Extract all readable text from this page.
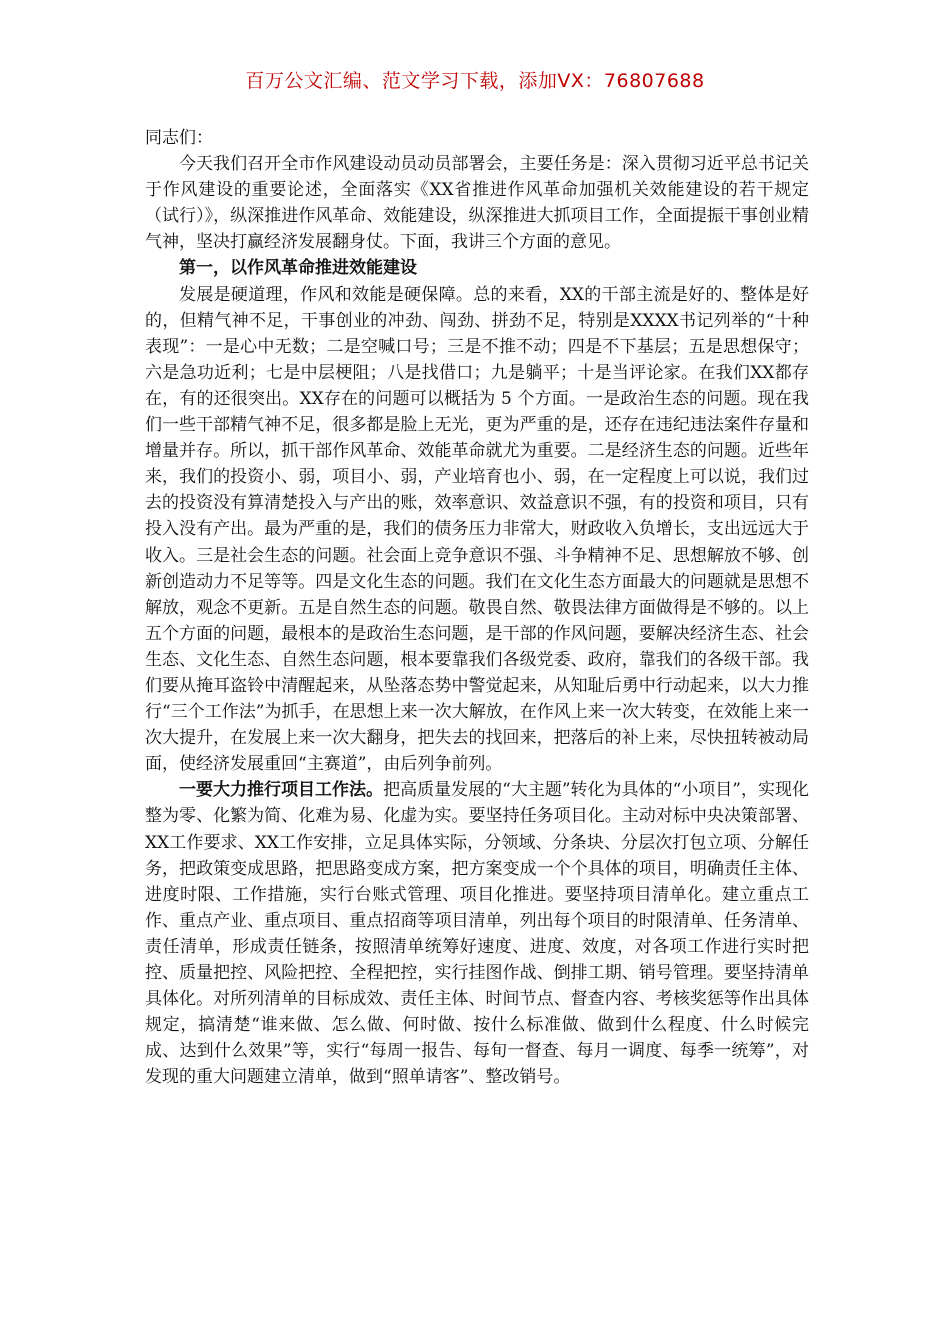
百万公文汇编、范文学习下载，添加VX：76807688

同志们：

今天我们召开全市作风建设动员动员部署会，主要任务是：深入贯彻习近平总书记关于作风建设的重要论述，全面落实《XX省推进作风革命加强机关效能建设的若干规定（试行）》，纵深推进作风革命、效能建设，纵深推进大抓项目工作，全面提振干事创业精气神，坚决打赢经济发展翻身仗。下面，我讲三个方面的意见。

第一，以作风革命推进效能建设

发展是硬道理，作风和效能是硬保障。总的来看，XX的干部主流是好的、整体是好的，但精气神不足，干事创业的冲劲、闯劲、拼劲不足，特别是XXXX书记列举的“十种表现”：一是心中无数；二是空喊口号；三是不推不动；四是不下基层；五是思想保守；六是急功近利；七是中层梗阻；八是找借口；九是躺平；十是当评论家。在我们XX都存在，有的还很突出。XX存在的问题可以概括为 5 个方面。一是政治生态的问题。现在我们一些干部精气神不足，很多都是脸上无光，更为严重的是，还存在违纪违法案件存量和增量并存。所以，抓干部作风革命、效能革命就尤为重要。二是经济生态的问题。近些年来，我们的投资小、弱，项目小、弱，产业培育也小、弱，在一定程度上可以说，我们过去的投资没有算清楚投入与产出的账，效率意识、效益意识不强，有的投资和项目，只有投入没有产出。最为严重的是，我们的债务压力非常大，财政收入负增长，支出远远大于收入。三是社会生态的问题。社会面上竞争意识不强、斗争精神不足、思想解放不够、创新创造动力不足等等。四是文化生态的问题。我们在文化生态方面最大的问题就是思想不解放，观念不更新。五是自然生态的问题。敬畏自然、敬畏法律方面做得是不够的。以上五个方面的问题，最根本的是政治生态问题，是干部的作风问题，要解决经济生态、社会生态、文化生态、自然生态问题，根本要靠我们各级党委、政府，靠我们的各级干部。我们要从掩耳盗铃中清醒起来，从坠落态势中警觉起来，从知耻后勇中行动起来，以大力推行“三个工作法”为抓手，在思想上来一次大解放，在作风上来一次大转变，在效能上来一次大提升，在发展上来一次大翻身，把失去的找回来，把落后的补上来，尽快扭转被动局面，使经济发展重回“主赛道”，由后列争前列。

一要大力推行项目工作法。把高质量发展的“大主题”转化为具体的“小项目”，实现化整为零、化繁为简、化难为易、化虚为实。要坚持任务项目化。主动对标中央决策部署、XX工作要求、XX工作安排，立足具体实际，分领域、分条块、分层次打包立项、分解任务，把政策变成思路，把思路变成方案，把方案变成一个个具体的项目，明确责任主体、进度时限、工作措施，实行台账式管理、项目化推进。要坚持项目清单化。建立重点工作、重点产业、重点项目、重点招商等项目清单，列出每个项目的时限清单、任务清单、责任清单，形成责任链条，按照清单统筹好速度、进度、效度，对各项工作进行实时把控、质量把控、风险把控、全程把控，实行挂图作战、倒排工期、销号管理。要坚持清单具体化。对所列清单的目标成效、责任主体、时间节点、督查内容、考核奖惩等作出具体规定，搞清楚“谁来做、怎么做、何时做、按什么标准做、做到什么程度、什么时候完成、达到什么效果”等，实行“每周一报告、每旬一督查、每月一调度、每季一统筹”，对发现的重大问题建立清单，做到“照单请客”、整改销号。
